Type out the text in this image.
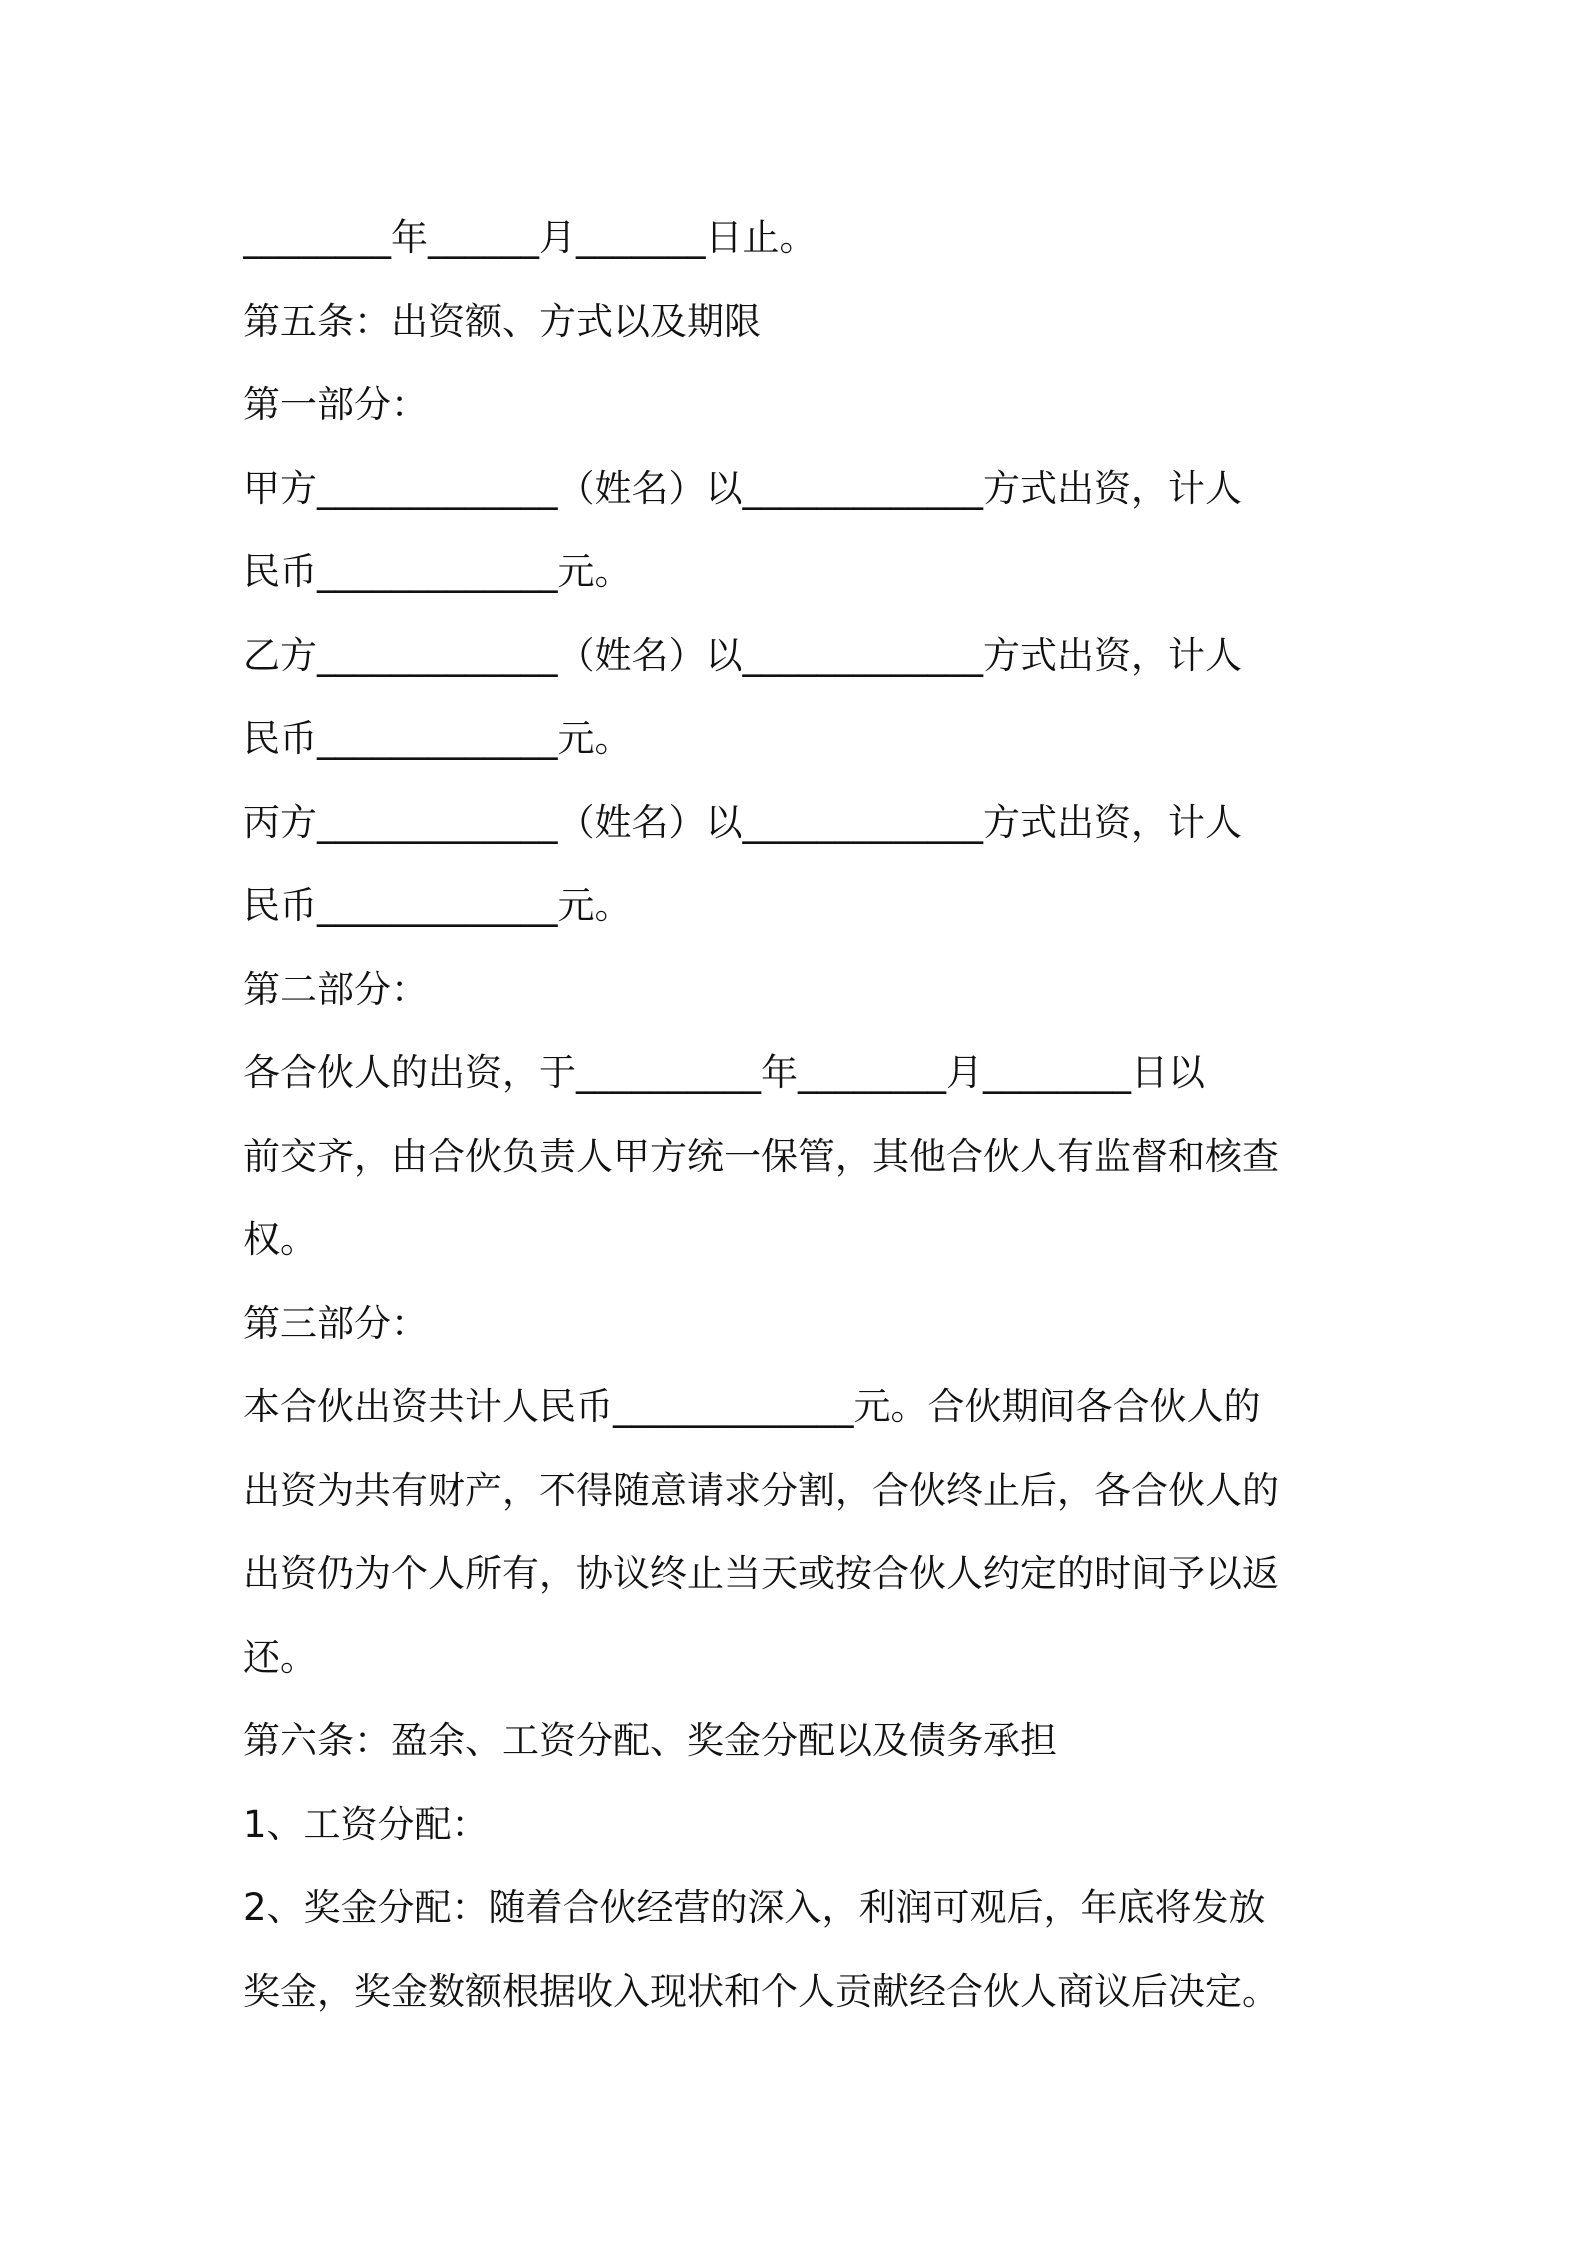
________年______月_______日止。
第五条：出资额、方式以及期限
第一部分：
甲方_____________（姓名）以_____________方式出资，计人
民币_____________元。
乙方_____________（姓名）以_____________方式出资，计人
民币_____________元。
丙方_____________（姓名）以_____________方式出资，计人
民币_____________元。
第二部分：
各合伙人的出资，于__________年________月________日以
前交齐，由合伙负责人甲方统一保管，其他合伙人有监督和核查
权。
第三部分：
本合伙出资共计人民币_____________元。合伙期间各合伙人的
出资为共有财产，不得随意请求分割，合伙终止后，各合伙人的
出资仍为个人所有，协议终止当天或按合伙人约定的时间予以返
还。
第六条：盈余、工资分配、奖金分配以及债务承担
1、工资分配：
2、奖金分配：随着合伙经营的深入，利润可观后，年底将发放
奖金，奖金数额根据收入现状和个人贡献经合伙人商议后决定。
